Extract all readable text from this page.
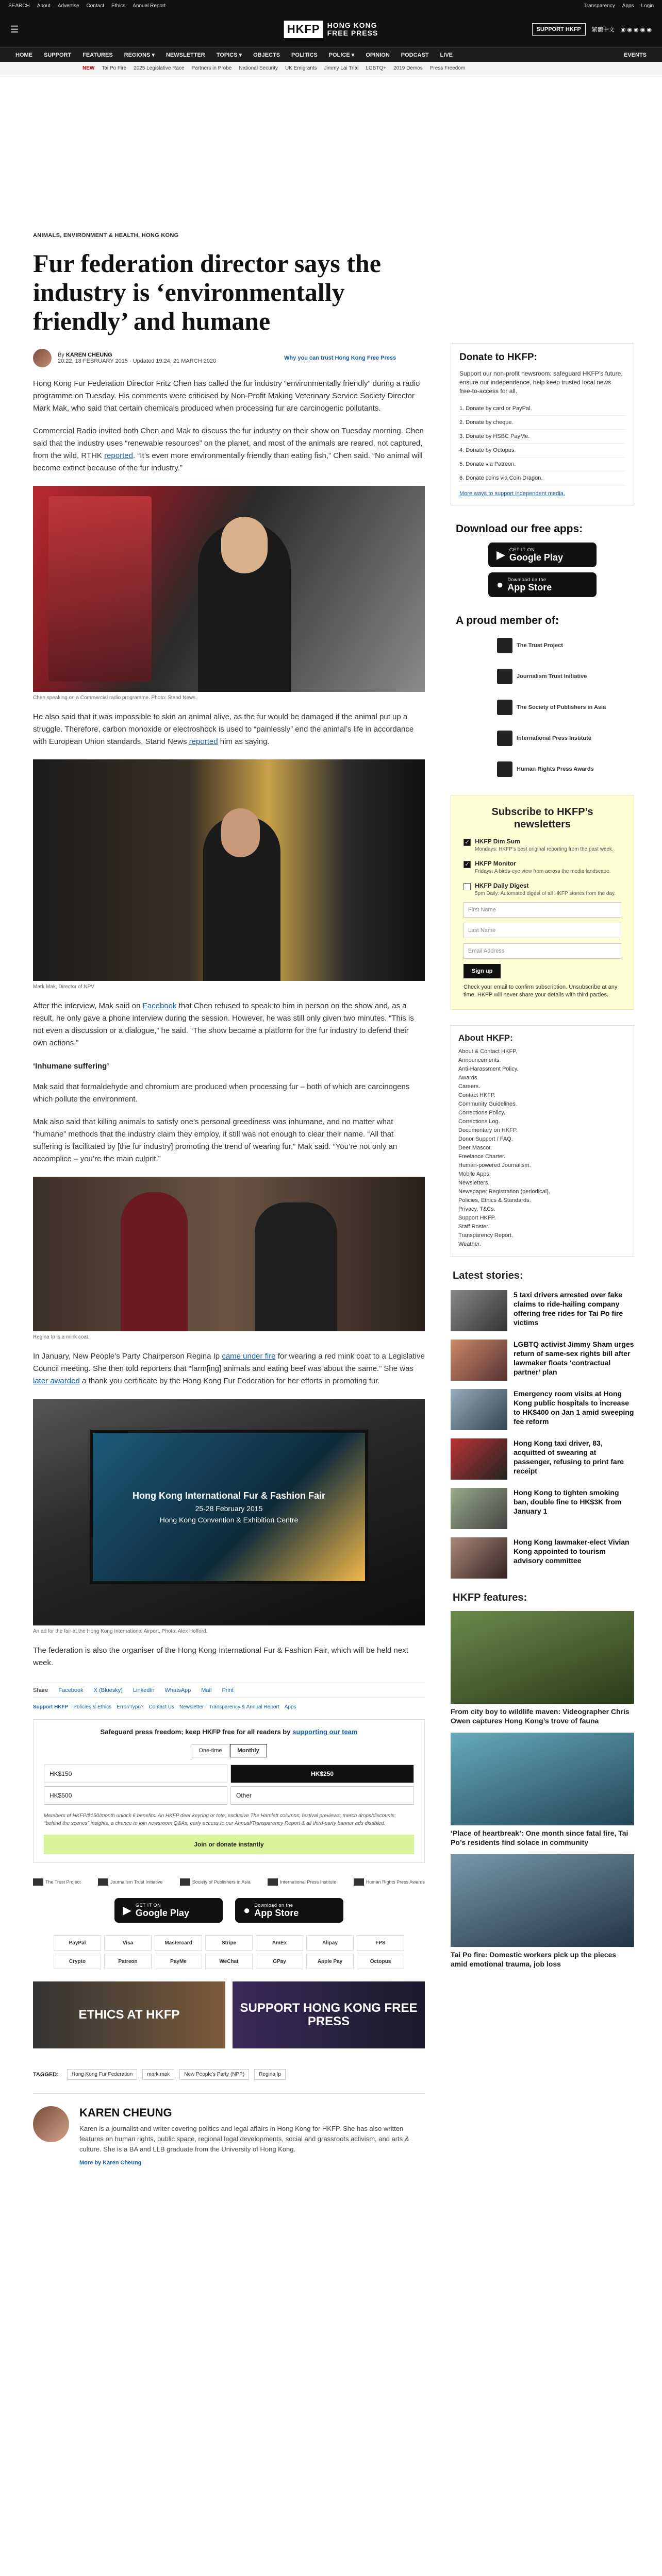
SEARCH About Advertise Contact Ethics Annual Report	Transparency Apps Login
☰	HKFP	HONG KONG
FREE PRESS	SUPPORT HKFP	繁體中文 ◉ ◉ ◉ ◉ ◉
HOME SUPPORT FEATURES REGIONS ▾ NEWSLETTER TOPICS ▾ OBJECTS POLITICS POLICE ▾ OPINION PODCAST LIVE	EVENTS
NEW Tai Po Fire 2025 Legislative Race Partners in Probe National Security UK Emigrants Jimmy Lai Trial LGBTQ+ 2019 Demos Press Freedom
ANIMALS, ENVIRONMENT & HEALTH, HONG KONG
Fur federation director says the industry is ‘environmentally friendly’ and humane
By KAREN CHEUNG
20:22, 18 FEBRUARY 2015 · Updated 19:24, 21 MARCH 2020	Why you can trust Hong Kong Free Press

Hong Kong Fur Federation Director Fritz Chen has called the fur industry “environmentally friendly” during a radio programme on Tuesday. His comments were criticised by Non-Profit Making Veterinary Service Society Director Mark Mak, who said that certain chemicals produced when processing fur are carcinogenic pollutants.

Commercial Radio invited both Chen and Mak to discuss the fur industry on their show on Tuesday morning. Chen said that the industry uses “renewable resources” on the planet, and most of the animals are reared, not captured, from the wild, RTHK reported. “It’s even more environmentally friendly than eating fish,” Chen said. “No animal will become extinct because of the fur industry.”

Chen speaking on a Commercial radio programme. Photo: Stand News.

He also said that it was impossible to skin an animal alive, as the fur would be damaged if the animal put up a struggle. Therefore, carbon monoxide or electroshock is used to “painlessly” end the animal’s life in accordance with European Union standards, Stand News reported him as saying.

Mark Mak, Director of NPV

After the interview, Mak said on Facebook that Chen refused to speak to him in person on the show and, as a result, he only gave a phone interview during the session. However, he was still only given two minutes. “This is not even a discussion or a dialogue,” he said. “The show became a platform for the fur industry to defend their own actions.”

‘Inhumane suffering’

Mak said that formaldehyde and chromium are produced when processing fur – both of which are carcinogens which pollute the environment.

Mak also said that killing animals to satisfy one’s personal greediness was inhumane, and no matter what “humane” methods that the industry claim they employ, it still was not enough to clear their name. “All that suffering is facilitated by [the fur industry] promoting the trend of wearing fur,” Mak said. “You’re not only an accomplice – you’re the main culprit.”

Regina Ip is a mink coat.

In January, New People’s Party Chairperson Regina Ip came under fire for wearing a red mink coat to a Legislative Council meeting. She then told reporters that “farm[ing] animals and eating beef was about the same.” She was later awarded a thank you certificate by the Hong Kong Fur Federation for her efforts in promoting fur.

Hong Kong International Fur & Fashion Fair
25-28 February 2015
Hong Kong Convention & Exhibition Centre
An ad for the fair at the Hong Kong International Airport. Photo: Alex Hofford.

The federation is also the organiser of the Hong Kong International Fur & Fashion Fair, which will be held next week.

Share Facebook X (Bluesky) LinkedIn WhatsApp Mail Print
Support HKFP Policies & Ethics Error/Typo? Contact Us Newsletter Transparency & Annual Report Apps
Safeguard press freedom; keep HKFP free for all readers by supporting our team
One-time	Monthly
HK$150	HK$250
HK$500	Other
Members of HKFP/$150/month unlock 6 benefits: An HKFP deer keyring or tote; exclusive The Hamlett columns; festival previews; merch drops/discounts; “behind the scenes” insights; a chance to join newsroom Q&As; early access to our Annual/Transparency Report & all third-party banner ads disabled.
Join or donate instantly
The Trust Project	Journalism Trust Initiative	Society of Publishers in Asia	International Press Institute	Human Rights Press Awards
▶ GET IT ON
Google Play	● Download on the
App Store
PayPal	Visa	Mastercard	Stripe	AmEx	Alipay	FPS
Crypto	Patreon	PayMe	WeChat	GPay	Apple Pay	Octopus
ETHICS AT HKFP	SUPPORT HONG KONG FREE PRESS
TAGGED:	Hong Kong Fur Federation	mark mak	New People's Party (NPP)	Regina Ip
KAREN CHEUNG
Karen is a journalist and writer covering politics and legal affairs in Hong Kong for HKFP. She has also written features on human rights, public space, regional legal developments, social and grassroots activism, and arts & culture. She is a BA and LLB graduate from the University of Hong Kong.
More by Karen Cheung
Donate to HKFP:
Support our non-profit newsroom: safeguard HKFP’s future, ensure our independence, help keep trusted local news free-to-access for all.
1. Donate by card or PayPal.
2. Donate by cheque.
3. Donate by HSBC PayMe.
4. Donate by Octopus.
5. Donate via Patreon.
6. Donate coins via Coin Dragon.
More ways to support independent media.
Download our free apps:
▶ GET IT ON
Google Play
● Download on the
App Store
A proud member of:
The Trust Project
Journalism Trust Initiative
The Society of Publishers in Asia
International Press Institute
Human Rights Press Awards
Subscribe to HKFP’s newsletters
✓ HKFP Dim Sum
Mondays: HKFP’s best original reporting from the past week.
✓ HKFP Monitor
Fridays: A birds-eye view from across the media landscape.
HKFP Daily Digest
5pm Daily: Automated digest of all HKFP stories from the day.
First Name
Last Name
Email Address
Sign up
Check your email to confirm subscription. Unsubscribe at any time. HKFP will never share your details with third parties.
About HKFP:
About & Contact HKFP.
Announcements.
Anti-Harassment Policy.
Awards.
Careers.
Contact HKFP.
Community Guidelines.
Corrections Policy.
Corrections Log.
Documentary on HKFP.
Donor Support / FAQ.
Deer Mascot.
Freelance Charter.
Human-powered Journalism.
Mobile Apps.
Newsletters.
Newspaper Registration (periodical).
Policies, Ethics & Standards.
Privacy, T&Cs.
Support HKFP.
Staff Roster.
Transparency Report.
Weather.
Latest stories:
5 taxi drivers arrested over fake claims to ride-hailing company offering free rides for Tai Po fire victims
LGBTQ activist Jimmy Sham urges return of same-sex rights bill after lawmaker floats ‘contractual partner’ plan
Emergency room visits at Hong Kong public hospitals to increase to HK$400 on Jan 1 amid sweeping fee reform
Hong Kong taxi driver, 83, acquitted of swearing at passenger, refusing to print fare receipt
Hong Kong to tighten smoking ban, double fine to HK$3K from January 1
Hong Kong lawmaker-elect Vivian Kong appointed to tourism advisory committee
HKFP features:
From city boy to wildlife maven: Videographer Chris Owen captures Hong Kong’s trove of fauna
‘Place of heartbreak’: One month since fatal fire, Tai Po’s residents find solace in community
Tai Po fire: Domestic workers pick up the pieces amid emotional trauma, job loss
